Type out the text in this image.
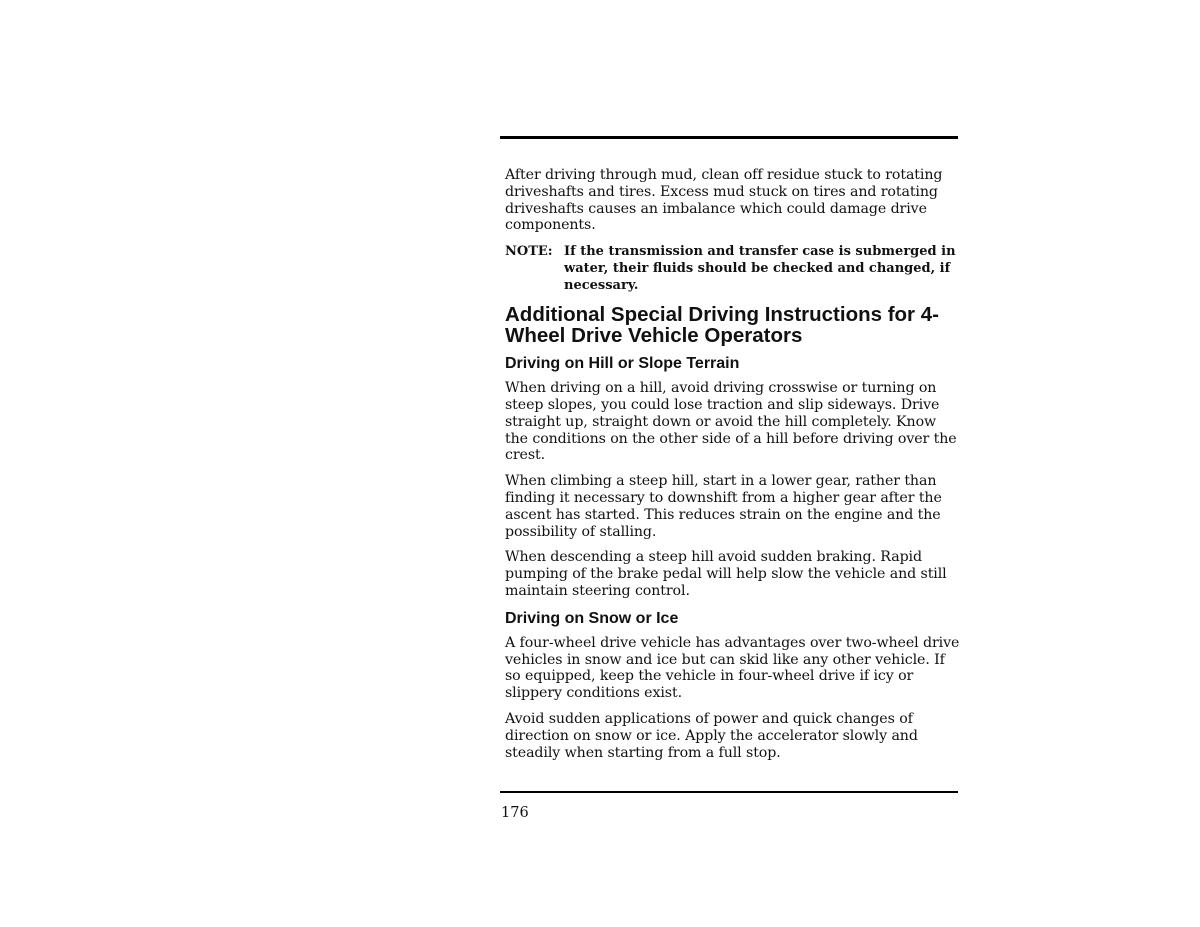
After driving through mud, clean off residue stuck to rotating driveshafts and tires. Excess mud stuck on tires and rotating driveshafts causes an imbalance which could damage drive components.

NOTE: If the transmission and transfer case is submerged in water, their fluids should be checked and changed, if necessary.
Additional Special Driving Instructions for 4-Wheel Drive Vehicle Operators
Driving on Hill or Slope Terrain

When driving on a hill, avoid driving crosswise or turning on steep slopes, you could lose traction and slip sideways. Drive straight up, straight down or avoid the hill completely. Know the conditions on the other side of a hill before driving over the crest.

When climbing a steep hill, start in a lower gear, rather than finding it necessary to downshift from a higher gear after the ascent has started. This reduces strain on the engine and the possibility of stalling.

When descending a steep hill avoid sudden braking. Rapid pumping of the brake pedal will help slow the vehicle and still maintain steering control.

Driving on Snow or Ice

A four-wheel drive vehicle has advantages over two-wheel drive vehicles in snow and ice but can skid like any other vehicle. If so equipped, keep the vehicle in four-wheel drive if icy or slippery conditions exist.

Avoid sudden applications of power and quick changes of direction on snow or ice. Apply the accelerator slowly and steadily when starting from a full stop.

176
